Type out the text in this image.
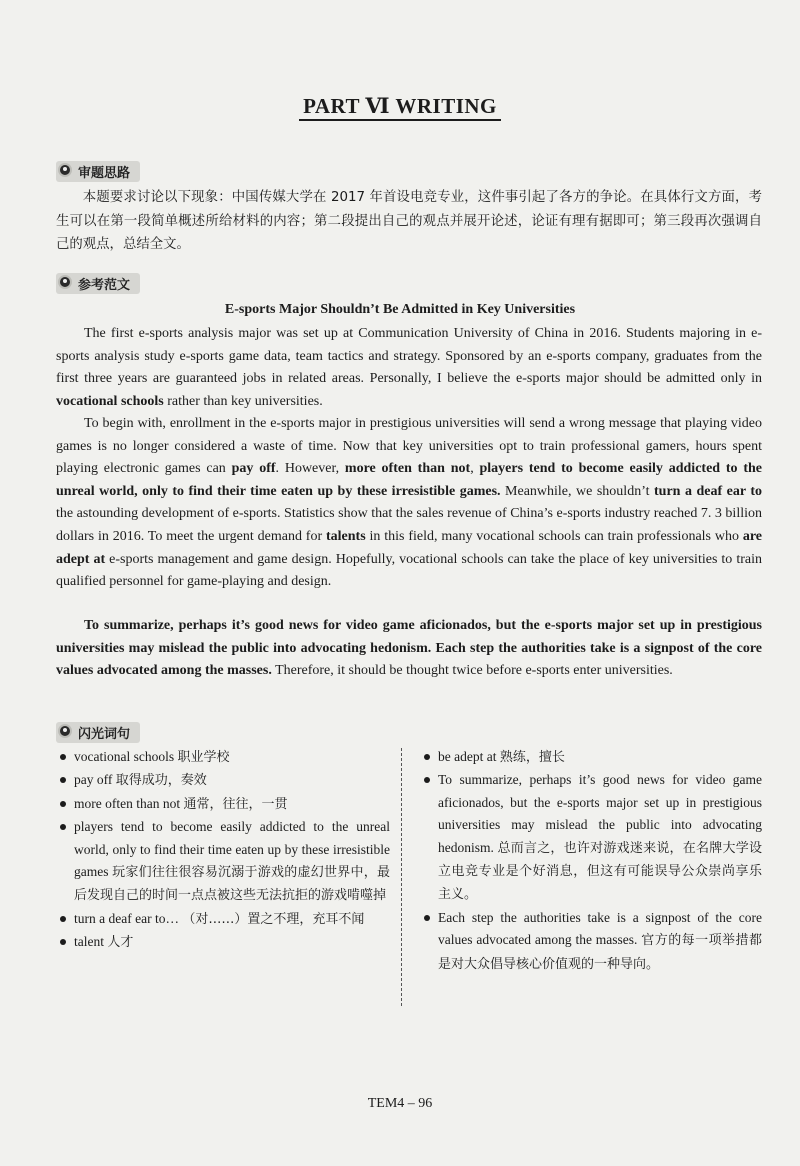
PART Ⅵ WRITING
审题思路

本题要求讨论以下现象：中国传媒大学在 2017 年首设电竞专业，这件事引起了各方的争论。在具体行文方面，考生可以在第一段简单概述所给材料的内容；第二段提出自己的观点并展开论述，论证有理有据即可；第三段再次强调自己的观点，总结全文。

参考范文
E-sports Major Shouldn’t Be Admitted in Key Universities

The first e-sports analysis major was set up at Communication University of China in 2016. Students majoring in e-sports analysis study e-sports game data, team tactics and strategy. Sponsored by an e-sports company, graduates from the first three years are guaranteed jobs in related areas. Personally, I believe the e-sports major should be admitted only in vocational schools rather than key universities.

To begin with, enrollment in the e-sports major in prestigious universities will send a wrong message that playing video games is no longer considered a waste of time. Now that key universities opt to train professional gamers, hours spent playing electronic games can pay off. However, more often than not, players tend to become easily addicted to the unreal world, only to find their time eaten up by these irresistible games. Meanwhile, we shouldn’t turn a deaf ear to the astounding development of e-sports. Statistics show that the sales revenue of China’s e-sports industry reached 7. 3 billion dollars in 2016. To meet the urgent demand for talents in this field, many vocational schools can train professionals who are adept at e-sports management and game design. Hopefully, vocational schools can take the place of key universities to train qualified personnel for game-playing and design.

To summarize, perhaps it’s good news for video game aficionados, but the e-sports major set up in prestigious universities may mislead the public into advocating hedonism. Each step the authorities take is a signpost of the core values advocated among the masses. Therefore, it should be thought twice before e-sports enter universities.

闪光词句
vocational schools 职业学校
pay off 取得成功，奏效
more often than not 通常，往往，一贯
players tend to become easily addicted to the unreal world, only to find their time eaten up by these irresistible games 玩家们往往很容易沉溺于游戏的虚幻世界中，最后发现自己的时间一点点被这些无法抗拒的游戏啃噬掉
turn a deaf ear to… （对……）置之不理，充耳不闻
talent 人才
be adept at 熟练，擅长
To summarize, perhaps it’s good news for video game aficionados, but the e-sports major set up in prestigious universities may mislead the public into advocating hedonism. 总而言之，也许对游戏迷来说，在名牌大学设立电竞专业是个好消息，但这有可能误导公众崇尚享乐主义。
Each step the authorities take is a signpost of the core values advocated among the masses. 官方的每一项举措都是对大众倡导核心价值观的一种导向。
TEM4 – 96
